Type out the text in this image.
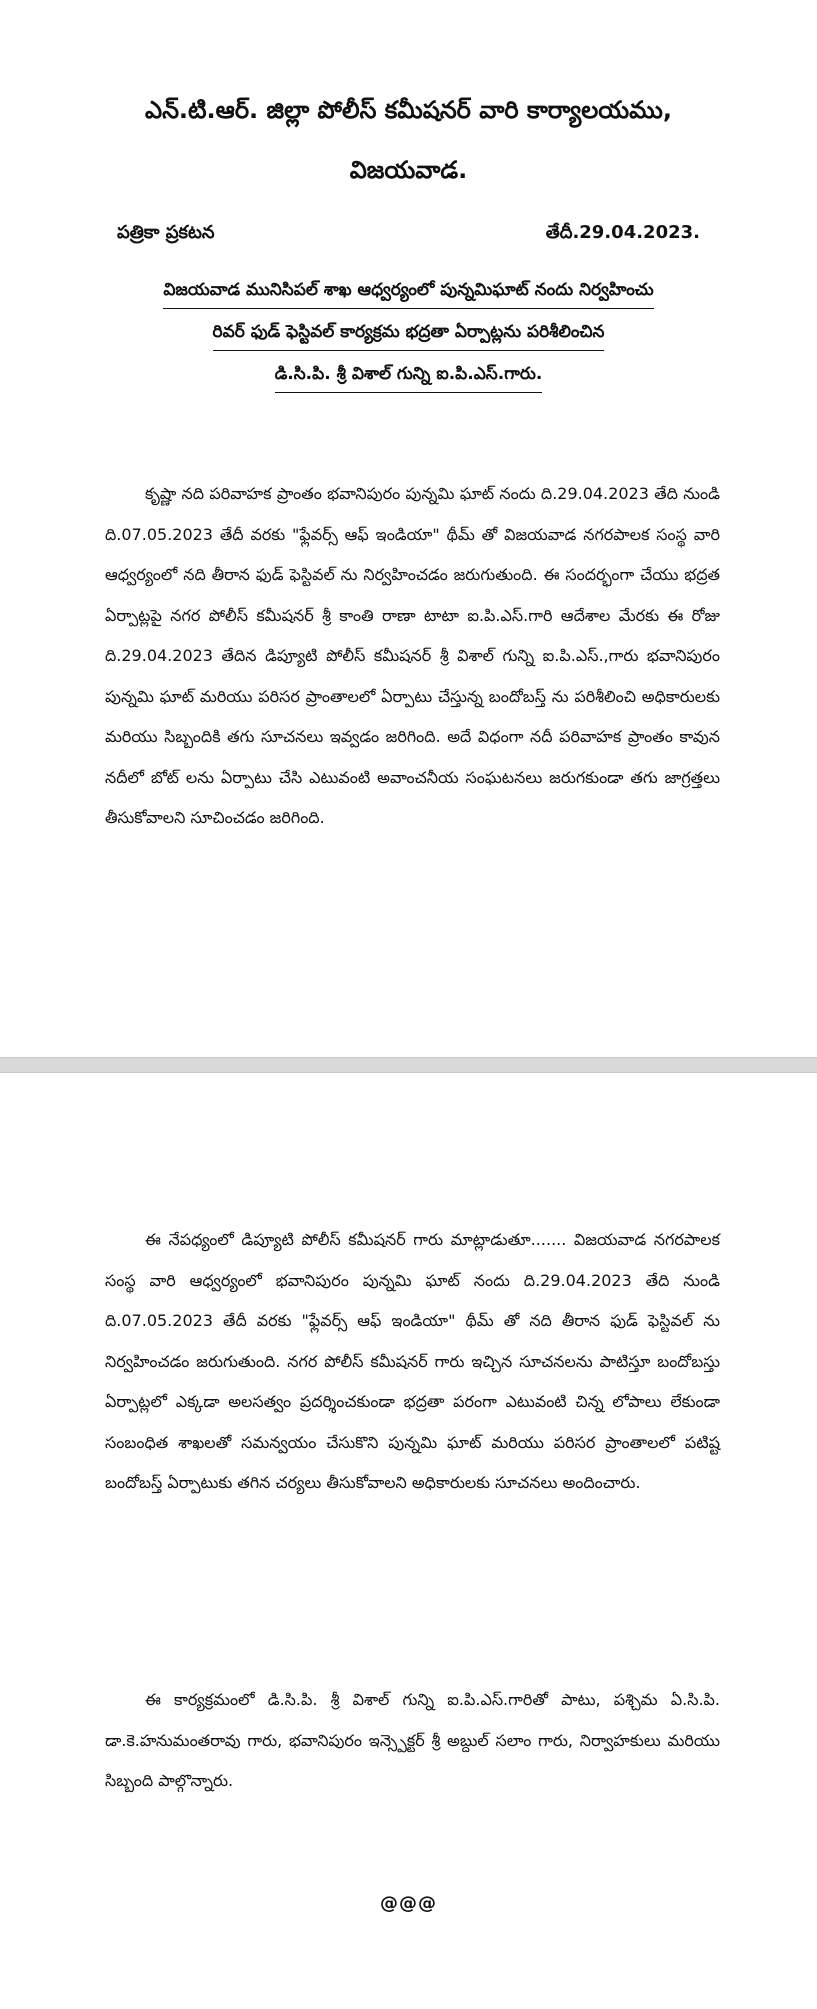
ఎన్.టి.ఆర్. జిల్లా పోలీస్ కమీషనర్ వారి కార్యాలయము,
విజయవాడ.
పత్రికా ప్రకటన	తేదీ.29.04.2023.
విజయవాడ మునిసిపల్ శాఖ ఆధ్వర్యంలో పున్నమిఘాట్ నందు నిర్వహించు
రివర్ ఫుడ్ ఫెస్టివల్ కార్యక్రమ భద్రతా ఏర్పాట్లను పరిశీలించిన
డి.సి.పి. శ్రీ విశాల్ గున్ని ఐ.పి.ఎస్.గారు.

కృష్ణా నది పరివాహక ప్రాంతం భవానిపురం పున్నమి ఘాట్ నందు ది.29.04.2023 తేది నుండి ది.07.05.2023 తేదీ వరకు "ఫ్లేవర్స్ ఆఫ్ ఇండియా" థీమ్ తో విజయవాడ నగరపాలక సంస్థ వారి ఆధ్వర్యంలో నది తీరాన ఫుడ్ ఫెస్టివల్ ను నిర్వహించడం జరుగుతుంది. ఈ సందర్భంగా చేయు భద్రత ఏర్పాట్లపై నగర పోలీస్ కమీషనర్ శ్రీ కాంతి రాణా టాటా ఐ.పి.ఎస్.గారి ఆదేశాల మేరకు ఈ రోజు ది.29.04.2023 తేదిన డిప్యూటి పోలీస్ కమీషనర్ శ్రీ విశాల్ గున్ని ఐ.పి.ఎస్.,గారు భవానిపురం పున్నమి ఘాట్ మరియు పరిసర ప్రాంతాలలో ఏర్పాటు చేస్తున్న బందోబస్త్ ను పరిశీలించి అధికారులకు మరియు సిబ్బందికి తగు సూచనలు ఇవ్వడం జరిగింది. అదే విధంగా నదీ పరివాహక ప్రాంతం కావున నదీలో బోట్ లను ఏర్పాటు చేసి ఎటువంటి అవాంచనీయ సంఘటనలు జరుగకుండా తగు జాగ్రత్తలు తీసుకోవాలని సూచించడం జరిగింది.

ఈ నేపధ్యంలో డిప్యూటి పోలీస్ కమీషనర్ గారు మాట్లాడుతూ....... విజయవాడ నగరపాలక సంస్థ వారి ఆధ్వర్యంలో భవానిపురం పున్నమి ఘాట్ నందు ది.29.04.2023 తేది నుండి ది.07.05.2023 తేదీ వరకు "ఫ్లేవర్స్ ఆఫ్ ఇండియా" థీమ్ తో నది తీరాన ఫుడ్ ఫెస్టివల్ ను నిర్వహించడం జరుగుతుంది. నగర పోలీస్ కమీషనర్ గారు ఇచ్చిన సూచనలను పాటిస్తూ బందోబస్తు ఏర్పాట్లలో ఎక్కడా అలసత్వం ప్రదర్శించకుండా భద్రతా పరంగా ఎటువంటి చిన్న లోపాలు లేకుండా సంబంధిత శాఖలతో సమన్వయం చేసుకొని పున్నమి ఘాట్ మరియు పరిసర ప్రాంతాలలో పటిష్ట బందోబస్త్ ఏర్పాటుకు తగిన చర్యలు తీసుకోవాలని అధికారులకు సూచనలు అందించారు.

ఈ కార్యక్రమంలో డి.సి.పి. శ్రీ విశాల్ గున్ని ఐ.పి.ఎస్.గారితో పాటు, పశ్చిమ ఏ.సి.పి. డా.కె.హనుమంతరావు గారు, భవానిపురం ఇన్స్పెక్టర్ శ్రీ అబ్దుల్ సలాం గారు, నిర్వాహకులు మరియు సిబ్బంది పాల్గొన్నారు.

@@@
